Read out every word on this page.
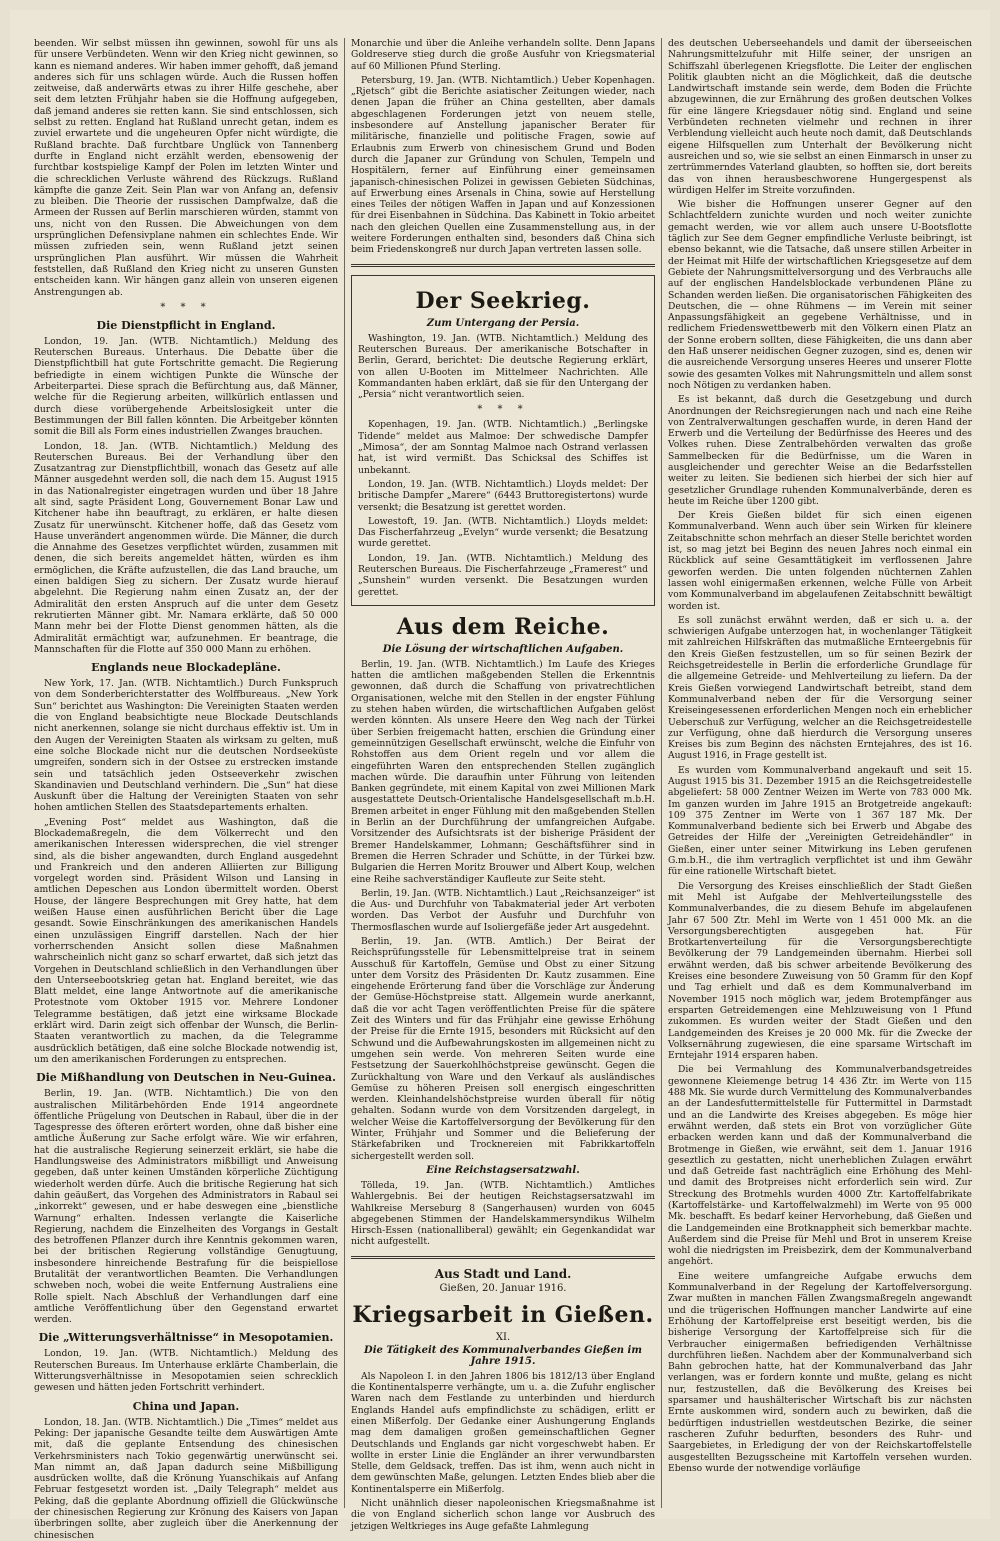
beenden. Wir selbst müssen ihn gewinnen, sowohl für uns als für unsere Verbündeten. Wenn wir den Krieg nicht gewinnen, so kann es niemand anderes. Wir haben immer gehofft, daß jemand anderes sich für uns schlagen würde. Auch die Russen hoffen zeitweise, daß anderwärts etwas zu ihrer Hilfe geschehe, aber seit dem letzten Frühjahr haben sie die Hoffnung aufgegeben, daß jemand anderes sie retten kann. Sie sind entschlossen, sich selbst zu retten. England hat Rußland unrecht getan, indem es zuviel erwartete und die ungeheuren Opfer nicht würdigte, die Rußland brachte. Daß furchtbare Unglück von Tannenberg durfte in England nicht erzählt werden, ebensowenig der furchtbar kostspielige Kampf der Polen im letzten Winter und die schrecklichen Verluste während des Rückzugs. Rußland kämpfte die ganze Zeit. Sein Plan war von Anfang an, defensiv zu bleiben. Die Theorie der russischen Dampfwalze, daß die Armeen der Russen auf Berlin marschieren würden, stammt von uns, nicht von den Russen. Die Abweichungen von dem ursprünglichen Defensivplane nahmen ein schlechtes Ende. Wir müssen zufrieden sein, wenn Rußland jetzt seinen ursprünglichen Plan ausführt. Wir müssen die Wahrheit feststellen, daß Rußland den Krieg nicht zu unseren Gunsten entscheiden kann. Wir hängen ganz allein von unseren eigenen Anstrengungen ab.

* * *
Die Dienstpflicht in England.

London, 19. Jan. (WTB. Nichtamtlich.) Meldung des Reuterschen Bureaus. Unterhaus. Die Debatte über die Dienstpflichtbill hat gute Fortschritte gemacht. Die Regierung befriedigte in einem wichtigen Punkte die Wünsche der Arbeiterpartei. Diese sprach die Befürchtung aus, daß Männer, welche für die Regierung arbeiten, willkürlich entlassen und durch diese vorübergehende Arbeitslosigkeit unter die Bestimmungen der Bill fallen könnten. Die Arbeitgeber könnten somit die Bill als Form eines industriellen Zwanges brauchen.

London, 18. Jan. (WTB. Nichtamtlich.) Meldung des Reuterschen Bureaus. Bei der Verhandlung über den Zusatzantrag zur Dienstpflichtbill, wonach das Gesetz auf alle Männer ausgedehnt werden soll, die nach dem 15. August 1915 in das Nationalregister eingetragen wurden und über 18 Jahre alt sind, sagte Präsident Long, Gouvernement Bonar Law und Kitchener habe ihn beauftragt, zu erklären, er halte diesen Zusatz für unerwünscht. Kitchener hoffe, daß das Gesetz vom Hause unverändert angenommen würde. Die Männer, die durch die Annahme des Gesetzes verpflichtet würden, zusammen mit denen, die sich bereits angemeldet hätten, würden es ihm ermöglichen, die Kräfte aufzustellen, die das Land brauche, um einen baldigen Sieg zu sichern. Der Zusatz wurde hierauf abgelehnt. Die Regierung nahm einen Zusatz an, der der Admiralität den ersten Anspruch auf die unter dem Gesetz rekrutierten Männer gibt. Mr. Namara erklärte, daß 50 000 Mann mehr bei der Flotte Dienst genommen hätten, als die Admiralität ermächtigt war, aufzunehmen. Er beantrage, die Mannschaften für die Flotte auf 350 000 Mann zu erhöhen.

Englands neue Blockadepläne.

New York, 17. Jan. (WTB. Nichtamtlich.) Durch Funkspruch von dem Sonderberichterstatter des Wolffbureaus. „New York Sun“ berichtet aus Washington: Die Vereinigten Staaten werden die von England beabsichtigte neue Blockade Deutschlands nicht anerkennen, solange sie nicht durchaus effektiv ist. Um in den Augen der Vereinigten Staaten als wirksam zu gelten, muß eine solche Blockade nicht nur die deutschen Nordseeküste umgreifen, sondern sich in der Ostsee zu erstrecken imstande sein und tatsächlich jeden Ostseeverkehr zwischen Skandinavien und Deutschland verhindern. Die „Sun“ hat diese Auskunft über die Haltung der Vereinigten Staaten von sehr hohen amtlichen Stellen des Staatsdepartements erhalten.

„Evening Post“ meldet aus Washington, daß die Blockademaßregeln, die dem Völkerrecht und den amerikanischen Interessen widersprechen, die viel strenger sind, als die bisher angewandten, durch England ausgedehnt und Frankreich und den anderen Alliierten zur Billigung vorgelegt worden sind. Präsident Wilson und Lansing in amtlichen Depeschen aus London übermittelt worden. Oberst House, der längere Besprechungen mit Grey hatte, hat dem weißen Hause einen ausführlichen Bericht über die Lage gesandt. Sowie Einschränkungen des amerikanischen Handels einen unzulässigen Eingriff darstellen. Nach der hier vorherrschenden Ansicht sollen diese Maßnahmen wahrscheinlich nicht ganz so scharf erwartet, daß sich jetzt das Vorgehen in Deutschland schließlich in den Verhandlungen über den Unterseebootskrieg getan hat. England bereitet, wie das Blatt meldet, eine lange Antwortnote auf die amerikanische Protestnote vom Oktober 1915 vor. Mehrere Londoner Telegramme bestätigen, daß jetzt eine wirksame Blockade erklärt wird. Darin zeigt sich offenbar der Wunsch, die Berlin-Staaten verantwortlich zu machen, da die Telegramme ausdrücklich betätigen, daß eine solche Blockade notwendig ist, um den amerikanischen Forderungen zu entsprechen.

Die Mißhandlung von Deutschen in Neu-Guinea.

Berlin, 19. Jan. (WTB. Nichtamtlich.) Die von den australischen Militärbehörden Ende 1914 angeordnete öffentliche Prügelung von Deutschen in Rabaul, über die in der Tagespresse des öfteren erörtert worden, ohne daß bisher eine amtliche Äußerung zur Sache erfolgt wäre. Wie wir erfahren, hat die australische Regierung seinerzeit erklärt, sie habe die Handlungsweise des Administrators mißbilligt und Anweisung gegeben, daß unter keinen Umständen körperliche Züchtigung wiederholt werden dürfe. Auch die britische Regierung hat sich dahin geäußert, das Vorgehen des Administrators in Rabaul sei „inkorrekt“ gewesen, und er habe deswegen eine „bienstliche Warnung“ erhalten. Indessen verlangte die Kaiserliche Regierung, nachdem die Einzelheiten des Vorgangs in Gestalt des betroffenen Pflanzer durch ihre Kenntnis gekommen waren, bei der britischen Regierung vollständige Genugtuung, insbesondere hinreichende Bestrafung für die beispiellose Brutalität der verantwortlichen Beamten. Die Verhandlungen schweben noch, wobei die weite Entfernung Australiens eine Rolle spielt. Nach Abschluß der Verhandlungen darf eine amtliche Veröffentlichung über den Gegenstand erwartet werden.

Die „Witterungsverhältnisse“ in Mesopotamien.

London, 19. Jan. (WTB. Nichtamtlich.) Meldung des Reuterschen Bureaus. Im Unterhause erklärte Chamberlain, die Witterungsverhältnisse in Mesopotamien seien schrecklich gewesen und hätten jeden Fortschritt verhindert.

China und Japan.

London, 18. Jan. (WTB. Nichtamtlich.) Die „Times“ meldet aus Peking: Der japanische Gesandte teilte dem Auswärtigen Amte mit, daß die geplante Entsendung des chinesischen Verkehrsministers nach Tokio gegenwärtig unerwünscht sei. Man nimmt an, daß Japan dadurch seine Mißbilligung ausdrücken wollte, daß die Krönung Yuanschikais auf Anfang Februar festgesetzt worden ist. „Daily Telegraph“ meldet aus Peking, daß die geplante Abordnung offiziell die Glückwünsche der chinesischen Regierung zur Krönung des Kaisers von Japan überbringen sollte, aber zugleich über die Anerkennung der chinesischen

Monarchie und über die Anleihe verhandeln sollte. Denn Japans Goldreserve stieg durch die große Ausfuhr von Kriegsmaterial auf 60 Millionen Pfund Sterling.

Petersburg, 19. Jan. (WTB. Nichtamtlich.) Ueber Kopenhagen. „Rjetsch“ gibt die Berichte asiatischer Zeitungen wieder, nach denen Japan die früher an China gestellten, aber damals abgeschlagenen Forderungen jetzt von neuem stelle, insbesondere auf Anstellung japanischer Berater für militärische, finanzielle und politische Fragen, sowie auf Erlaubnis zum Erwerb von chinesischem Grund und Boden durch die Japaner zur Gründung von Schulen, Tempeln und Hospitälern, ferner auf Einführung einer gemeinsamen japanisch-chinesischen Polizei in gewissen Gebieten Südchinas, auf Erwerbung eines Arsenals in China, sowie auf Herstellung eines Teiles der nötigen Waffen in Japan und auf Konzessionen für drei Eisenbahnen in Südchina. Das Kabinett in Tokio arbeitet nach den gleichen Quellen eine Zusammenstellung aus, in der weitere Forderungen enthalten sind, besonders daß China sich beim Friedenskongreß nur durch Japan vertreten lassen solle.

Der Seekrieg.
Zum Untergang der Persia.

Washington, 19. Jan. (WTB. Nichtamtlich.) Meldung des Reuterschen Bureaus. Der amerikanische Botschafter in Berlin, Gerard, berichtet: Die deutsche Regierung erklärt, von allen U-Booten im Mittelmeer Nachrichten. Alle Kommandanten haben erklärt, daß sie für den Untergang der „Persia“ nicht verantwortlich seien.

* * *

Kopenhagen, 19. Jan. (WTB. Nichtamtlich.) „Berlingske Tidende“ meldet aus Malmoe: Der schwedische Dampfer „Mimosa“, der am Sonntag Malmoe nach Ostrand verlassen hat, ist wird vermißt. Das Schicksal des Schiffes ist unbekannt.

London, 19. Jan. (WTB. Nichtamtlich.) Lloyds meldet: Der britische Dampfer „Marere“ (6443 Bruttoregistertons) wurde versenkt; die Besatzung ist gerettet worden.

Lowestoft, 19. Jan. (WTB. Nichtamtlich.) Lloyds meldet: Das Fischerfahrzeug „Evelyn“ wurde versenkt; die Besatzung wurde gerettet.

London, 19. Jan. (WTB. Nichtamtlich.) Meldung des Reuterschen Bureaus. Die Fischerfahrzeuge „Framerest“ und „Sunshein“ wurden versenkt. Die Besatzungen wurden gerettet.

Aus dem Reiche.
Die Lösung der wirtschaftlichen Aufgaben.

Berlin, 19. Jan. (WTB. Nichtamtlich.) Im Laufe des Krieges hatten die amtlichen maßgebenden Stellen die Erkenntnis gewonnen, daß durch die Schaffung von privatrechtlichen Organisationen, welche mit den Stellen in der engster Fühlung zu stehen haben würden, die wirtschaftlichen Aufgaben gelöst werden könnten. Als unsere Heere den Weg nach der Türkei über Serbien freigemacht hatten, erschien die Gründung einer gemeinnützigen Gesellschaft erwünscht, welche die Einfuhr von Rohstoffen aus dem Orient regeln und vor allem die eingeführten Waren den entsprechenden Stellen zugänglich machen würde. Die daraufhin unter Führung von leitenden Banken gegründete, mit einem Kapital von zwei Millionen Mark ausgestattete Deutsch-Orientalische Handelsgesellschaft m.b.H. Bremen arbeitet in enger Fühlung mit den maßgebenden Stellen in Berlin an der Durchführung der umfangreichen Aufgabe. Vorsitzender des Aufsichtsrats ist der bisherige Präsident der Bremer Handelskammer, Lohmann; Geschäftsführer sind in Bremen die Herren Schrader und Schütte, in der Türkei bzw. Bulgarien die Herren Moritz Brouwer und Albert Koup, welchen eine Reihe sachverständiger Kaufleute zur Seite steht.

Berlin, 19. Jan. (WTB. Nichtamtlich.) Laut „Reichsanzeiger“ ist die Aus- und Durchfuhr von Tabakmaterial jeder Art verboten worden. Das Verbot der Ausfuhr und Durchfuhr von Thermosflaschen wurde auf Isoliergefäße jeder Art ausgedehnt.

Berlin, 19. Jan. (WTB. Amtlich.) Der Beirat der Reichsprüfungsstelle für Lebensmittelpreise trat in seinem Ausschuß für Kartoffeln, Gemüse und Obst zu einer Sitzung unter dem Vorsitz des Präsidenten Dr. Kautz zusammen. Eine eingehende Erörterung fand über die Vorschläge zur Änderung der Gemüse-Höchstpreise statt. Allgemein wurde anerkannt, daß die vor acht Tagen veröffentlichten Preise für die spätere Zeit des Winters und für das Frühjahr eine gewisse Erhöhung der Preise für die Ernte 1915, besonders mit Rücksicht auf den Schwund und die Aufbewahrungskosten im allgemeinen nicht zu umgehen sein werde. Von mehreren Seiten wurde eine Festsetzung der Sauerkohlhöchstpreise gewünscht. Gegen die Zurückhaltung von Ware und den Verkauf als ausländisches Gemüse zu höheren Preisen soll energisch eingeschritten werden. Kleinhandelshöchstpreise wurden überall für nötig gehalten. Sodann wurde von dem Vorsitzenden dargelegt, in welcher Weise die Kartoffelversorgung der Bevölkerung für den Winter, Frühjahr und Sommer und die Belieferung der Stärkefabriken und Trocknereien mit Fabrikkartoffeln sichergestellt werden soll.

Eine Reichstagsersatzwahl.

Tölleda, 19. Jan. (WTB. Nichtamtlich.) Amtliches Wahlergebnis. Bei der heutigen Reichstagsersatzwahl im Wahlkreise Merseburg 8 (Sangerhausen) wurden von 6045 abgegebenen Stimmen der Handelskammersyndikus Wilhelm Hirsch-Essen (nationalliberal) gewählt; ein Gegenkandidat war nicht aufgestellt.

Aus Stadt und Land.
Gießen, 20. Januar 1916.
Kriegsarbeit in Gießen.
XI.
Die Tätigkeit des Kommunalverbandes Gießen im Jahre 1915.

Als Napoleon I. in den Jahren 1806 bis 1812/13 über England die Kontinentalsperre verhängte, um u. a. die Zufuhr englischer Waren nach dem Festlande zu unterbinden und hierdurch Englands Handel aufs empfindlichste zu schädigen, erlitt er einen Mißerfolg. Der Gedanke einer Aushungerung Englands mag dem damaligen großen gemeinschaftlichen Gegner Deutschlands und Englands gar nicht vorgeschwebt haben. Er wollte in erster Linie die Engländer an ihrer verwundbarsten Stelle, dem Geldsack, treffen. Das ist ihm, wenn auch nicht in dem gewünschten Maße, gelungen. Letzten Endes blieb aber die Kontinentalsperre ein Mißerfolg.

Nicht unähnlich dieser napoleonischen Kriegsmaßnahme ist die von England sicherlich schon lange vor Ausbruch des jetzigen Weltkrieges ins Auge gefaßte Lahmlegung

des deutschen Ueberseehandels und damit der überseeischen Nahrungsmittelzufuhr mit Hilfe seiner, der unsrigen an Schiffszahl überlegenen Kriegsflotte. Die Leiter der englischen Politik glaubten nicht an die Möglichkeit, daß die deutsche Landwirtschaft imstande sein werde, dem Boden die Früchte abzugewinnen, die zur Ernährung des großen deutschen Volkes für eine längere Kriegsdauer nötig sind. England und seine Verbündeten rechneten vielmehr und rechnen in ihrer Verblendung vielleicht auch heute noch damit, daß Deutschlands eigene Hilfsquellen zum Unterhalt der Bevölkerung nicht ausreichen und so, wie sie selbst an einen Einmarsch in unser zu zertrümmerndes Vaterland glaubten, so hofften sie, dort bereits das von ihnen herausbeschworene Hungergespenst als würdigen Helfer im Streite vorzufinden.

Wie bisher die Hoffnungen unserer Gegner auf den Schlachtfeldern zunichte wurden und noch weiter zunichte gemacht werden, wie vor allem auch unsere U-Bootsflotte täglich zur See dem Gegner empfindliche Verluste beibringt, ist ebenso bekannt, wie die Tatsache, daß unsere stillen Arbeiter in der Heimat mit Hilfe der wirtschaftlichen Kriegsgesetze auf dem Gebiete der Nahrungsmittelversorgung und des Verbrauchs alle auf der englischen Handelsblockade verbundenen Pläne zu Schanden werden ließen. Die organisatorischen Fähigkeiten des Deutschen, die — ohne Rühmens — im Verein mit seiner Anpassungsfähigkeit an gegebene Verhältnisse, und in redlichem Friedenswettbewerb mit den Völkern einen Platz an der Sonne erobern sollten, diese Fähigkeiten, die uns dann aber den Haß unserer neidischen Gegner zuzogen, sind es, denen wir die ausreichende Versorgung unseres Heeres und unserer Flotte sowie des gesamten Volkes mit Nahrungsmitteln und allem sonst noch Nötigen zu verdanken haben.

Es ist bekannt, daß durch die Gesetzgebung und durch Anordnungen der Reichsregierungen nach und nach eine Reihe von Zentralverwaltungen geschaffen wurde, in deren Hand der Erwerb und die Verteilung der Bedürfnisse des Heeres und des Volkes ruhen. Diese Zentralbehörden verwalten das große Sammelbecken für die Bedürfnisse, um die Waren in ausgleichender und gerechter Weise an die Bedarfsstellen weiter zu leiten. Sie bedienen sich hierbei der sich hier auf gesetzlicher Grundlage ruhenden Kommunalverbände, deren es heute im Reiche über 1200 gibt.

Der Kreis Gießen bildet für sich einen eigenen Kommunalverband. Wenn auch über sein Wirken für kleinere Zeitabschnitte schon mehrfach an dieser Stelle berichtet worden ist, so mag jetzt bei Beginn des neuen Jahres noch einmal ein Rückblick auf seine Gesamttätigkeit im verflossenen Jahre geworfen werden. Die unten folgenden nüchternen Zahlen lassen wohl einigermaßen erkennen, welche Fülle von Arbeit vom Kommunalverband im abgelaufenen Zeitabschnitt bewältigt worden ist.

Es soll zunächst erwähnt werden, daß er sich u. a. der schwierigen Aufgabe unterzogen hat, in wochenlanger Tätigkeit mit zahlreichen Hilfskräften das mutmaßliche Ernteergebnis für den Kreis Gießen festzustellen, um so für seinen Bezirk der Reichsgetreidestelle in Berlin die erforderliche Grundlage für die allgemeine Getreide- und Mehlverteilung zu liefern. Da der Kreis Gießen vorwiegend Landwirtschaft betreibt, stand dem Kommunalverband neben der für die Versorgung seiner Kreiseingesessenen erforderlichen Mengen noch ein erheblicher Ueberschuß zur Verfügung, welcher an die Reichsgetreidestelle zur Verfügung, ohne daß hierdurch die Versorgung unseres Kreises bis zum Beginn des nächsten Erntejahres, des ist 16. August 1916, in Frage gestellt ist.

Es wurden vom Kommunalverband angekauft und seit 15. August 1915 bis 31. Dezember 1915 an die Reichsgetreidestelle abgeliefert: 58 000 Zentner Weizen im Werte von 783 000 Mk. Im ganzen wurden im Jahre 1915 an Brotgetreide angekauft: 109 375 Zentner im Werte von 1 367 187 Mk. Der Kommunalverband bediente sich bei Erwerb und Abgabe des Getreides der Hilfe der „Vereinigten Getreidehändler“ in Gießen, einer unter seiner Mitwirkung ins Leben gerufenen G.m.b.H., die ihm vertraglich verpflichtet ist und ihm Gewähr für eine rationelle Wirtschaft bietet.

Die Versorgung des Kreises einschließlich der Stadt Gießen mit Mehl ist Aufgabe der Mehlverteilungsstelle des Kommunalverbandes, die zu diesem Behufe im abgelaufenen Jahr 67 500 Ztr. Mehl im Werte von 1 451 000 Mk. an die Versorgungsberechtigten ausgegeben hat. Für Brotkartenverteilung für die Versorgungsberechtigte Bevölkerung der 79 Landgemeinden übernahm. Hierbei soll erwähnt werden, daß bis schwer arbeitende Bevölkerung des Kreises eine besondere Zuweisung von 50 Gramm für den Kopf und Tag erhielt und daß es dem Kommunalverband im November 1915 noch möglich war, jedem Brotempfänger aus ersparten Getreidemengen eine Mehlzuweisung von 1 Pfund zukommen. Es wurden weiter der Stadt Gießen und den Landgemeinden des Kreises je 20 000 Mk. für die Zwecke der Volksernährung zugewiesen, die eine sparsame Wirtschaft im Erntejahr 1914 ersparen haben.

Die bei Vermahlung des Kommunalverbandsgetreides gewonnene Kleiemenge betrug 14 436 Ztr. im Werte von 115 488 Mk. Sie wurde durch Vermittelung des Kommunalverbandes an der Landesfuttermittelstelle für Futtermittel in Darmstadt und an die Landwirte des Kreises abgegeben. Es möge hier erwähnt werden, daß stets ein Brot von vorzüglicher Güte erbacken werden kann und daß der Kommunalverband die Brotmenge in Gießen, wie erwähnt, seit dem 1. Januar 1916 geseztlich zu gestatten, nicht unerheblichen Zulagen erwährt und daß Getreide fast nachträglich eine Erhöhung des Mehl- und damit des Brotpreises nicht erforderlich sein wird. Zur Streckung des Brotmehls wurden 4000 Ztr. Kartoffelfabrikate (Kartoffelstärke- und Kartoffelwalzmehl) im Werte von 95 000 Mk. beschafft. Es bedarf keiner Hervorhebung, daß Gießen und die Landgemeinden eine Brotknappheit sich bemerkbar machte. Außerdem sind die Preise für Mehl und Brot in unserem Kreise wohl die niedrigsten im Preisbezirk, dem der Kommunalverband angehört.

Eine weitere umfangreiche Aufgabe erwuchs dem Kommunalverband in der Regelung der Kartoffelversorgung. Zwar mußten in manchen Fällen Zwangsmaßregeln angewandt und die trügerischen Hoffnungen mancher Landwirte auf eine Erhöhung der Kartoffelpreise erst beseitigt werden, bis die bisherige Versorgung der Kartoffelpreise sich für die Verbraucher einigermaßen befriedigenden Verhältnisse durchführen ließen. Nachdem aber der Kommunalverband sich Bahn gebrochen hatte, hat der Kommunalverband das Jahr verlangen, was er fordern konnte und mußte, gelang es nicht nur, festzustellen, daß die Bevölkerung des Kreises bei sparsamer und haushälterischer Wirtschaft bis zur nächsten Ernte auskommen wird, sondern auch zu bewirken, daß die bedürftigen industriellen westdeutschen Bezirke, die seiner rascheren Zufuhr bedurften, besonders des Ruhr- und Saargebietes, in Erledigung der von der Reichskartoffelstelle ausgestellten Bezugsscheine mit Kartoffeln versehen wurden. Ebenso wurde der notwendige vorläufige
